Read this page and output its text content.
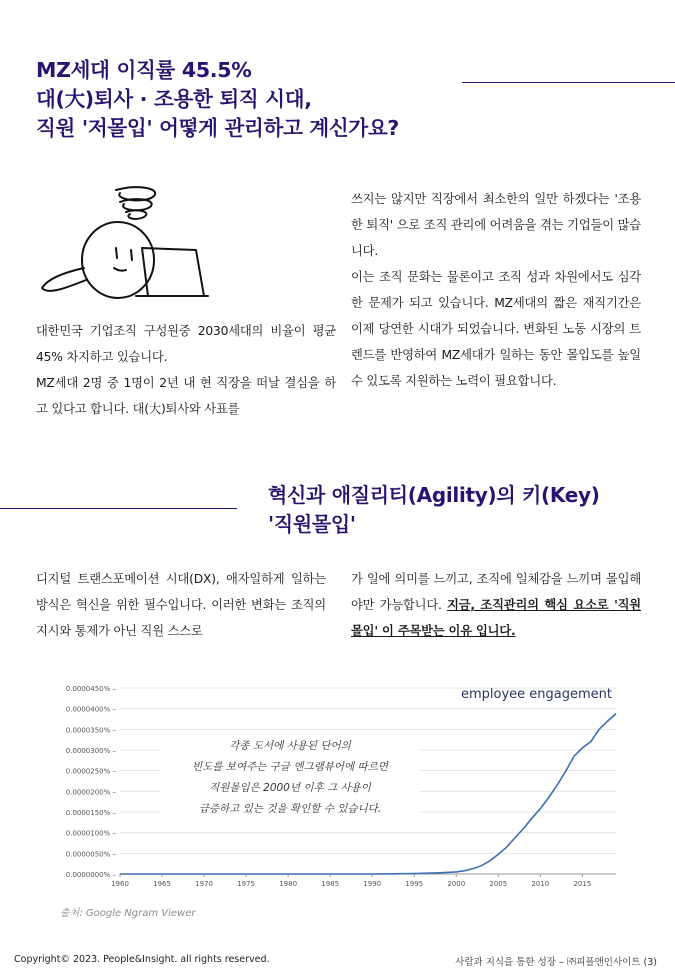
MZ세대 이직률 45.5%
대(大)퇴사 · 조용한 퇴직 시대,
직원 '저몰입' 어떻게 관리하고 계신가요?

대한민국 기업조직 구성원중 2030세대의 비율이 평균 45% 차지하고 있습니다.

MZ세대 2명 중 1명이 2년 내 현 직장을 떠날 결심을 하고 있다고 합니다. 대(大)퇴사와 사표를

쓰지는 않지만 직장에서 최소한의 일만 하겠다는 '조용한 퇴직' 으로 조직 관리에 어려움을 겪는 기업들이 많습니다.

이는 조직 문화는 물론이고 조직 성과 차원에서도 심각한 문제가 되고 있습니다. MZ세대의 짧은 재직기간은 이제 당연한 시대가 되었습니다. 변화된 노동 시장의 트렌드를 반영하여 MZ세대가 일하는 동안 몰입도를 높일 수 있도록 지원하는 노력이 필요합니다.

혁신과 애질리티(Agility)의 키(Key)
'직원몰입'

디지털 트랜스포메이션 시대(DX), 애자일하게 일하는 방식은 혁신을 위한 필수입니다. 이러한 변화는 조직의 지시와 통제가 아닌 직원 스스로

가 일에 의미를 느끼고, 조직에 일체감을 느끼며 몰입해야만 가능합니다. 지금, 조직관리의 핵심 요소로 '직원몰입' 이 주목받는 이유 입니다.

0.0000000% –
0.0000050% –
0.0000100% –
0.0000150% –
0.0000200% –
0.0000250% –
0.0000300% –
0.0000350% –
0.0000400% –
0.0000450% –
1960	1965	1970	1975	1980	1985	1990	1995	2000	2005	2010	2015
employee engagement
각종 도서에 사용된 단어의
빈도를 보여주는 구글 엔그램뷰어에 따르면
직원몰입은 2000년 이후 그 사용이
급증하고 있는 것을 확인할 수 있습니다.
출처: Google Ngram Viewer
Copyright© 2023. People&Insight. all rights reserved.	사람과 지식을 통한 성장 – ㈜피플앤인사이트 (3)
